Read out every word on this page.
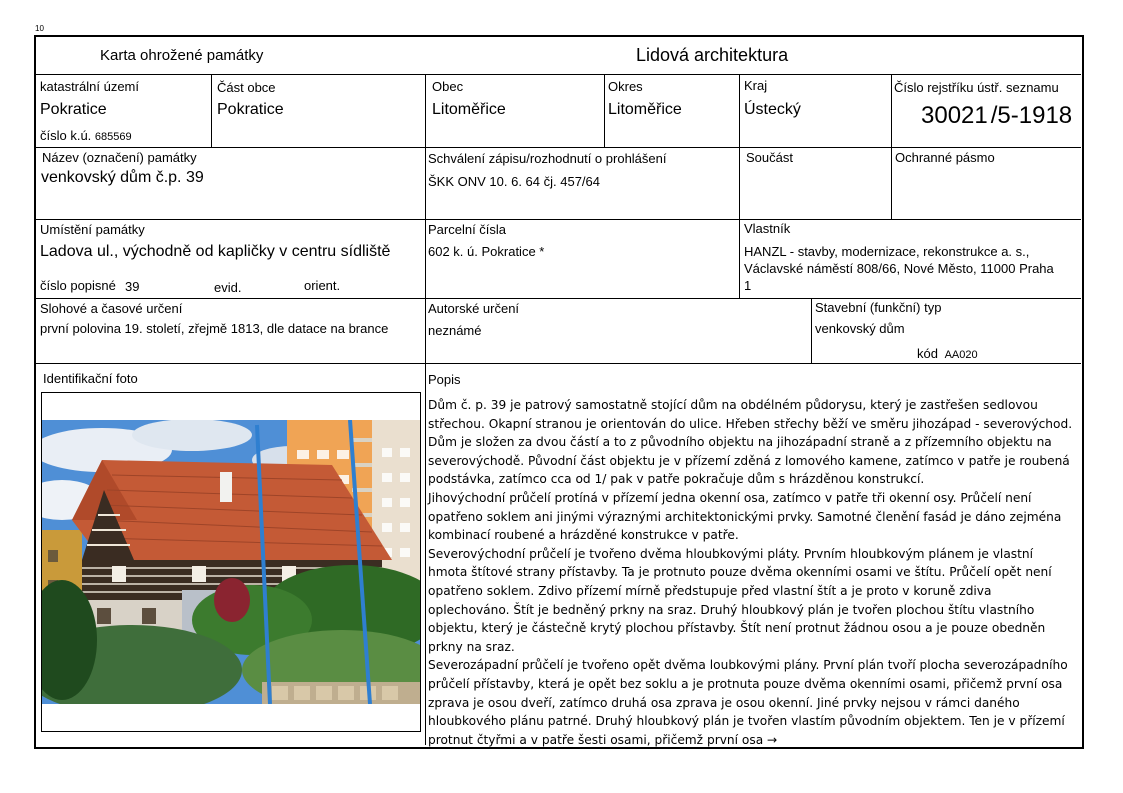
10
Karta ohrožené památky	Lidová architektura
katastrální území
Pokratice
číslo k.ú. 685569
Část obce
Pokratice
Obec
Litoměřice
Okres
Litoměřice
Kraj
Ústecký
Číslo rejstříku ústř. seznamu
30021 /5-1918
Název (označení) památky
venkovský dům č.p. 39
Schválení zápisu/rozhodnutí o prohlášení
ŠKK ONV 10. 6. 64 čj. 457/64
Součást	Ochranné pásmo
Umístění památky
Ladova ul., východně od kapličky v centru sídliště
číslo popisné 39	evid.	orient.
Parcelní čísla
602 k. ú. Pokratice *
Vlastník
HANZL - stavby, modernizace, rekonstrukce a. s.,
Václavské náměstí 808/66, Nové Město, 11000 Praha
1
Slohové a časové určení
první polovina 19. století, zřejmě 1813, dle datace na brance
Autorské určení
neznámé
Stavební (funkční) typ
venkovský dům
kód AA020
Identifikační foto	Popis
Dům č. p. 39 je patrový samostatně stojící dům na obdélném půdorysu, který je zastřešen sedlovou střechou. Okapní stranou je orientován do ulice. Hřeben střechy běží ve směru jihozápad - severovýchod. Dům je složen za dvou částí a to z původního objektu na jihozápadní straně a z přízemního objektu na severovýchodě. Původní část objektu je v přízemí zděná z lomového kamene, zatímco v patře je roubená podstávka, zatímco cca od 1/ pak v patře pokračuje dům s hrázděnou konstrukcí.
Jihovýchodní průčelí protíná v přízemí jedna okenní osa, zatímco v patře tři okenní osy. Průčelí není opatřeno soklem ani jinými výraznými architektonickými prvky. Samotné členění fasád je dáno zejména kombinací roubené a hrázděné konstrukce v patře.
Severovýchodní průčelí je tvořeno dvěma hloubkovými pláty. Prvním hloubkovým plánem je vlastní hmota štítové strany přístavby. Ta je protnuto pouze dvěma okenními osami ve štítu. Průčelí opět není opatřeno soklem. Zdivo přízemí mírně předstupuje před vlastní štít a je proto v koruně zdiva oplechováno. Štít je bedněný prkny na sraz. Druhý hloubkový plán je tvořen plochou štítu vlastního objektu, který je částečně krytý plochou přístavby. Štít není protnut žádnou osou a je pouze obedněn prkny na sraz.
Severozápadní průčelí je tvořeno opět dvěma loubkovými plány. První plán tvoří plocha severozápadního průčelí přístavby, která je opět bez soklu a je protnuta pouze dvěma okenními osami, přičemž první osa zprava je osou dveří, zatímco druhá osa zprava je osou okenní. Jiné prvky nejsou v rámci daného hloubkového plánu patrné. Druhý hloubkový plán je tvořen vlastím původním objektem. Ten je v přízemí protnut čtyřmi a v patře šesti osami, přičemž první osa →
